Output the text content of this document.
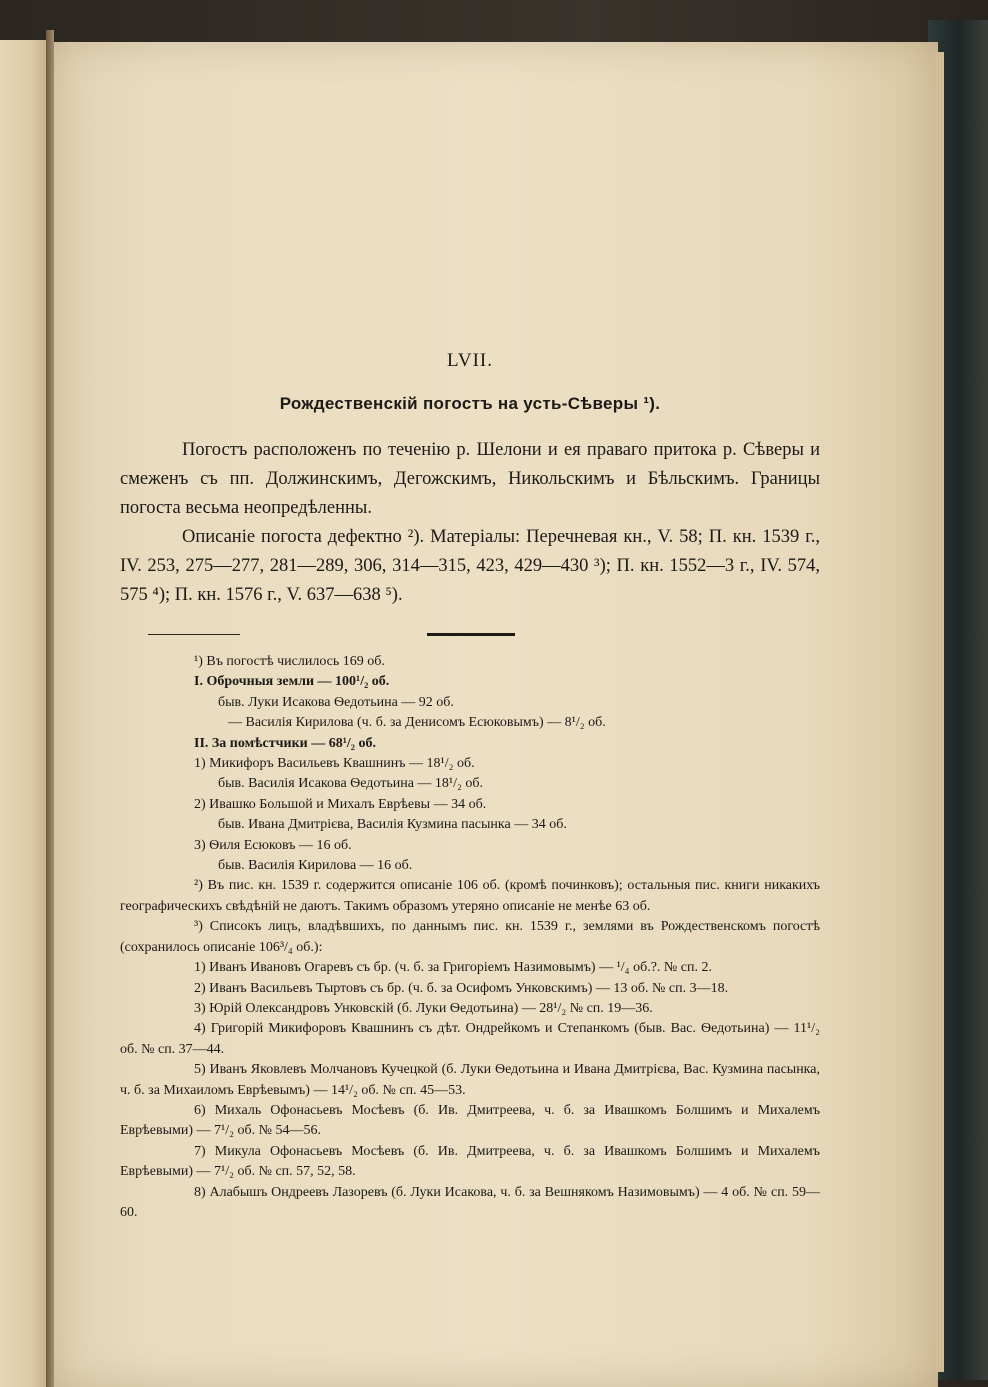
LVII.
Рождественскій погостъ на усть-Сѣверы ¹).

Погостъ расположенъ по теченію р. Шелони и ея праваго притока р. Сѣверы и смеженъ съ пп. Должинскимъ, Дегожскимъ, Никольскимъ и Бѣльскимъ. Границы погоста весьма неопредѣленны.

Описаніе погоста дефектно ²). Матеріалы: Перечневая кн., V. 58; П. кн. 1539 г., IV. 253, 275—277, 281—289, 306, 314—315, 423, 429—430 ³); П. кн. 1552—3 г., IV. 574, 575 ⁴); П. кн. 1576 г., V. 637—638 ⁵).

¹) Въ погостѣ числилось 169 об.

I. Оброчныя земли — 100¹/₂ об.

быв. Луки Исакова Ѳедотьина — 92 об.

— Василія Кирилова (ч. б. за Денисомъ Есюковымъ) — 8¹/₂ об.

II. За помѣстчики — 68¹/₂ об.

1) Микифоръ Васильевъ Квашнинъ — 18¹/₂ об.

быв. Василія Исакова Ѳедотьина — 18¹/₂ об.

2) Ивашко Большой и Михалъ Еврѣевы — 34 об.

быв. Ивана Дмитрієва, Василія Кузмина пасынка — 34 об.

3) Ѳиля Есюковъ — 16 об.

быв. Василія Кирилова — 16 об.

²) Въ пис. кн. 1539 г. содержится описаніе 106 об. (кромѣ починковъ); остальныя пис. книги никакихъ географическихъ свѣдѣній не даютъ. Такимъ образомъ утеряно описаніе не менѣе 63 об.

³) Списокъ лицъ, владѣвшихъ, по даннымъ пис. кн. 1539 г., землями въ Рождественскомъ погостѣ (сохранилось описаніе 106³/₄ об.):

1) Иванъ Ивановъ Огаревъ съ бр. (ч. б. за Григоріемъ Назимовымъ) — ¹/₄ об.?. № сп. 2.

2) Иванъ Васильевъ Тыртовъ съ бр. (ч. б. за Осифомъ Унковскимъ) — 13 об. № сп. 3—18.

3) Юрій Олександровъ Унковскій (б. Луки Ѳедотьина) — 28¹/₂ № сп. 19—36.

4) Григорій Микифоровъ Квашнинъ съ дѣт. Ондрейкомъ и Степанкомъ (быв. Вас. Ѳедотьина) — 11¹/₂ об. № сп. 37—44.

5) Иванъ Яковлевъ Молчановъ Кучецкой (б. Луки Ѳедотьина и Ивана Дмитрієва, Вас. Кузмина пасынка, ч. б. за Михаиломъ Еврѣевымъ) — 14¹/₂ об. № сп. 45—53.

6) Михаль Офонасьевъ Мосѣевъ (б. Ив. Дмитреева, ч. б. за Ивашкомъ Болшимъ и Михалемъ Еврѣевыми) — 7¹/₂ об. № 54—56.

7) Микула Офонасьевъ Мосѣевъ (б. Ив. Дмитреева, ч. б. за Ивашкомъ Болшимъ и Михалемъ Еврѣевыми) — 7¹/₂ об. № сп. 57, 52, 58.

8) Алабышъ Ондреевъ Лазоревъ (б. Луки Исакова, ч. б. за Вешнякомъ Назимовымъ) — 4 об. № сп. 59—60.
